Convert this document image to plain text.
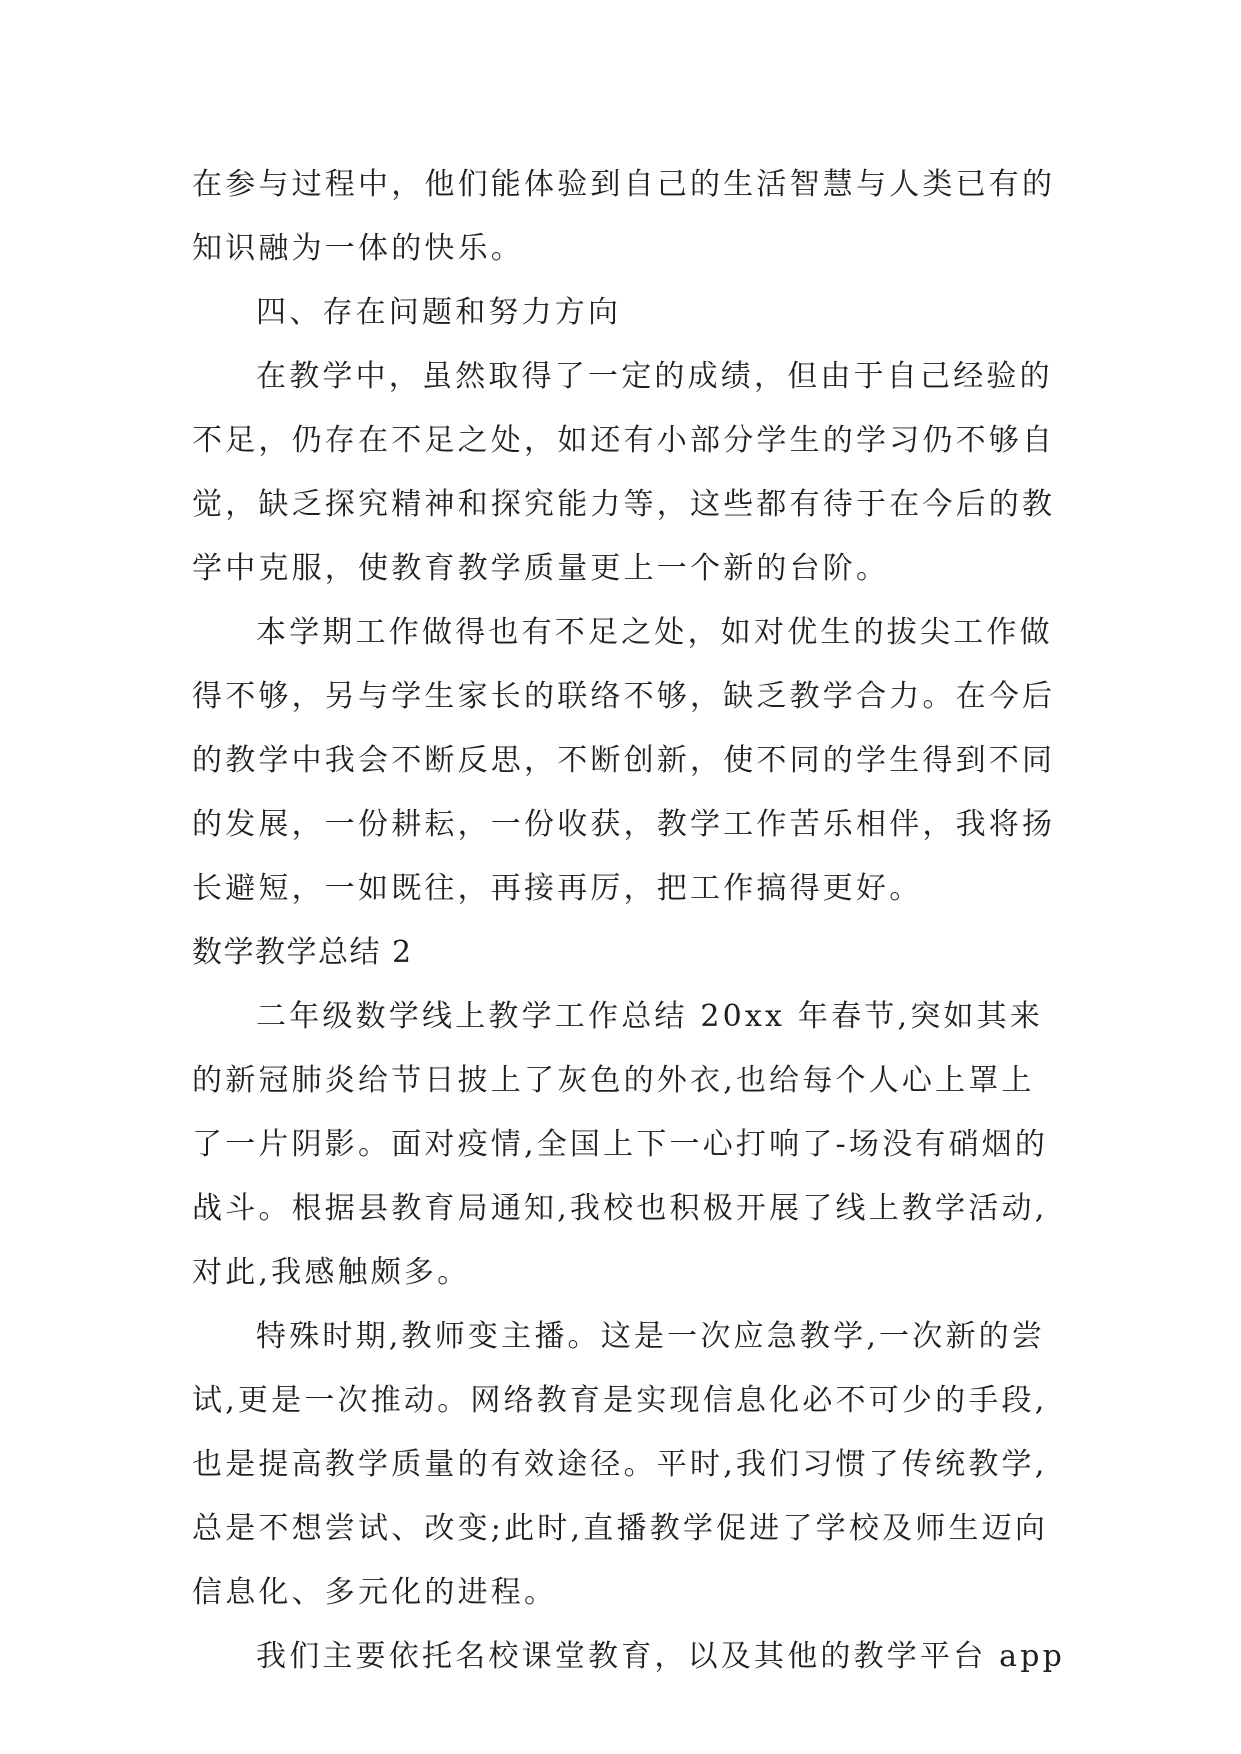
在参与过程中，他们能体验到自己的生活智慧与人类已有的
知识融为一体的快乐。
四、存在问题和努力方向
在教学中，虽然取得了一定的成绩，但由于自己经验的
不足，仍存在不足之处，如还有小部分学生的学习仍不够自
觉，缺乏探究精神和探究能力等，这些都有待于在今后的教
学中克服，使教育教学质量更上一个新的台阶。
本学期工作做得也有不足之处，如对优生的拔尖工作做
得不够，另与学生家长的联络不够，缺乏教学合力。在今后
的教学中我会不断反思，不断创新，使不同的学生得到不同
的发展，一份耕耘，一份收获，教学工作苦乐相伴，我将扬
长避短，一如既往，再接再厉，把工作搞得更好。
数学教学总结 2
二年级数学线上教学工作总结 20xx 年春节,突如其来
的新冠肺炎给节日披上了灰色的外衣,也给每个人心上罩上
了一片阴影。面对疫情,全国上下一心打响了-场没有硝烟的
战斗。根据县教育局通知,我校也积极开展了线上教学活动,
对此,我感触颇多。
特殊时期,教师变主播。这是一次应急教学,一次新的尝
试,更是一次推动。网络教育是实现信息化必不可少的手段,
也是提高教学质量的有效途径。平时,我们习惯了传统教学,
总是不想尝试、改变;此时,直播教学促进了学校及师生迈向
信息化、多元化的进程。
我们主要依托名校课堂教育，以及其他的教学平台 app
